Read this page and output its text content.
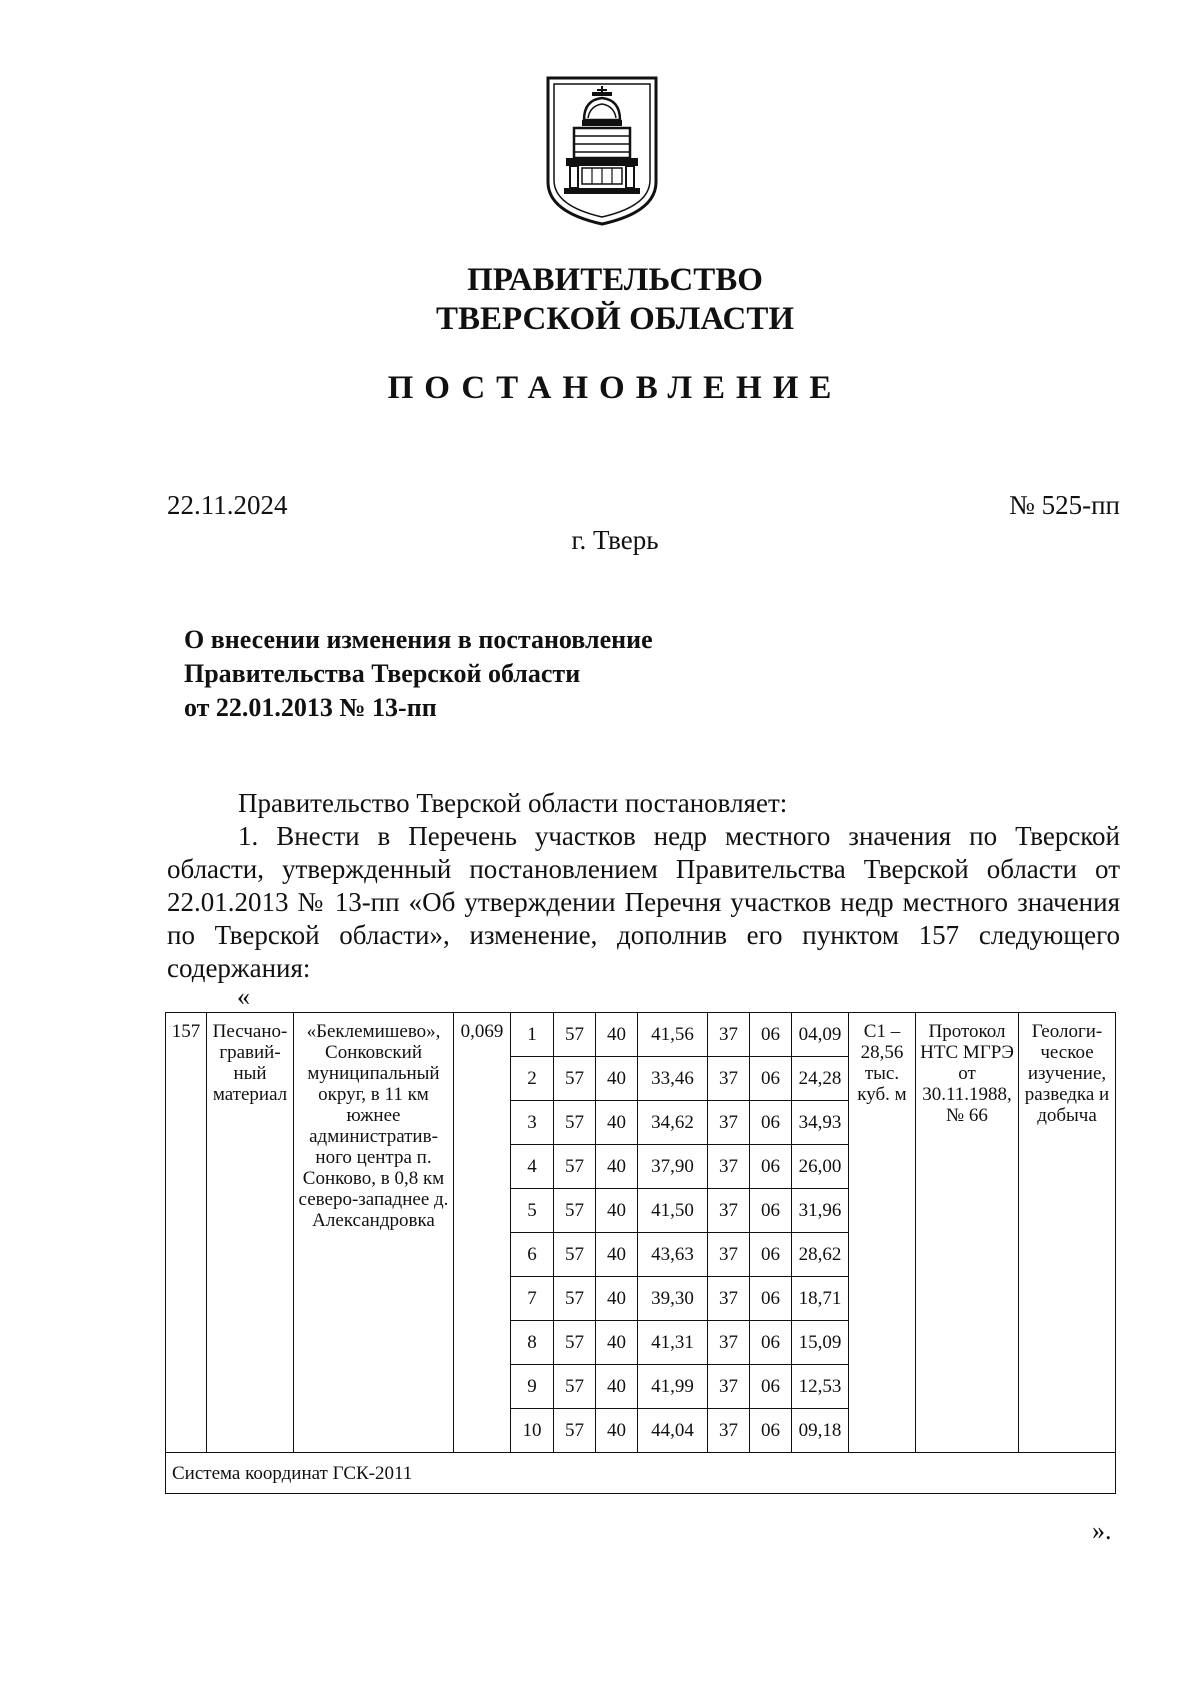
ПРАВИТЕЛЬСТВО
ТВЕРСКОЙ ОБЛАСТИ
ПОСТАНОВЛЕНИЕ
22.11.2024	№ 525-пп
г. Тверь
О внесении изменения в постановление
Правительства Тверской области
от 22.01.2013 № 13-пп
Правительство Тверской области постановляет:
1. Внести в Перечень участков недр местного значения по Тверской области, утвержденный постановлением Правительства Тверской области от 22.01.2013 № 13-пп «Об утверждении Перечня участков недр местного значения по Тверской области», изменение, дополнив его пунктом 157 следующего содержания:
«
157	Песчано-гравий-ный материал	«Беклемишево», Сонковский муниципальный округ, в 11 км южнее административ-ного центра п. Сонково, в 0,8 км северо-западнее д. Александровка	0,069	1	57	40	41,56	37	06	04,09	С1 – 28,56 тыс. куб. м	Протокол НТС МГРЭ от 30.11.1988, № 66	Геологи-ческое изучение, разведка и добыча
				2	57	40	33,46	37	06	24,28			
				3	57	40	34,62	37	06	34,93			
				4	57	40	37,90	37	06	26,00			
				5	57	40	41,50	37	06	31,96			
				6	57	40	43,63	37	06	28,62			
				7	57	40	39,30	37	06	18,71			
				8	57	40	41,31	37	06	15,09			
				9	57	40	41,99	37	06	12,53			
				10	57	40	44,04	37	06	09,18			
Система координат ГСК-2011													
».
